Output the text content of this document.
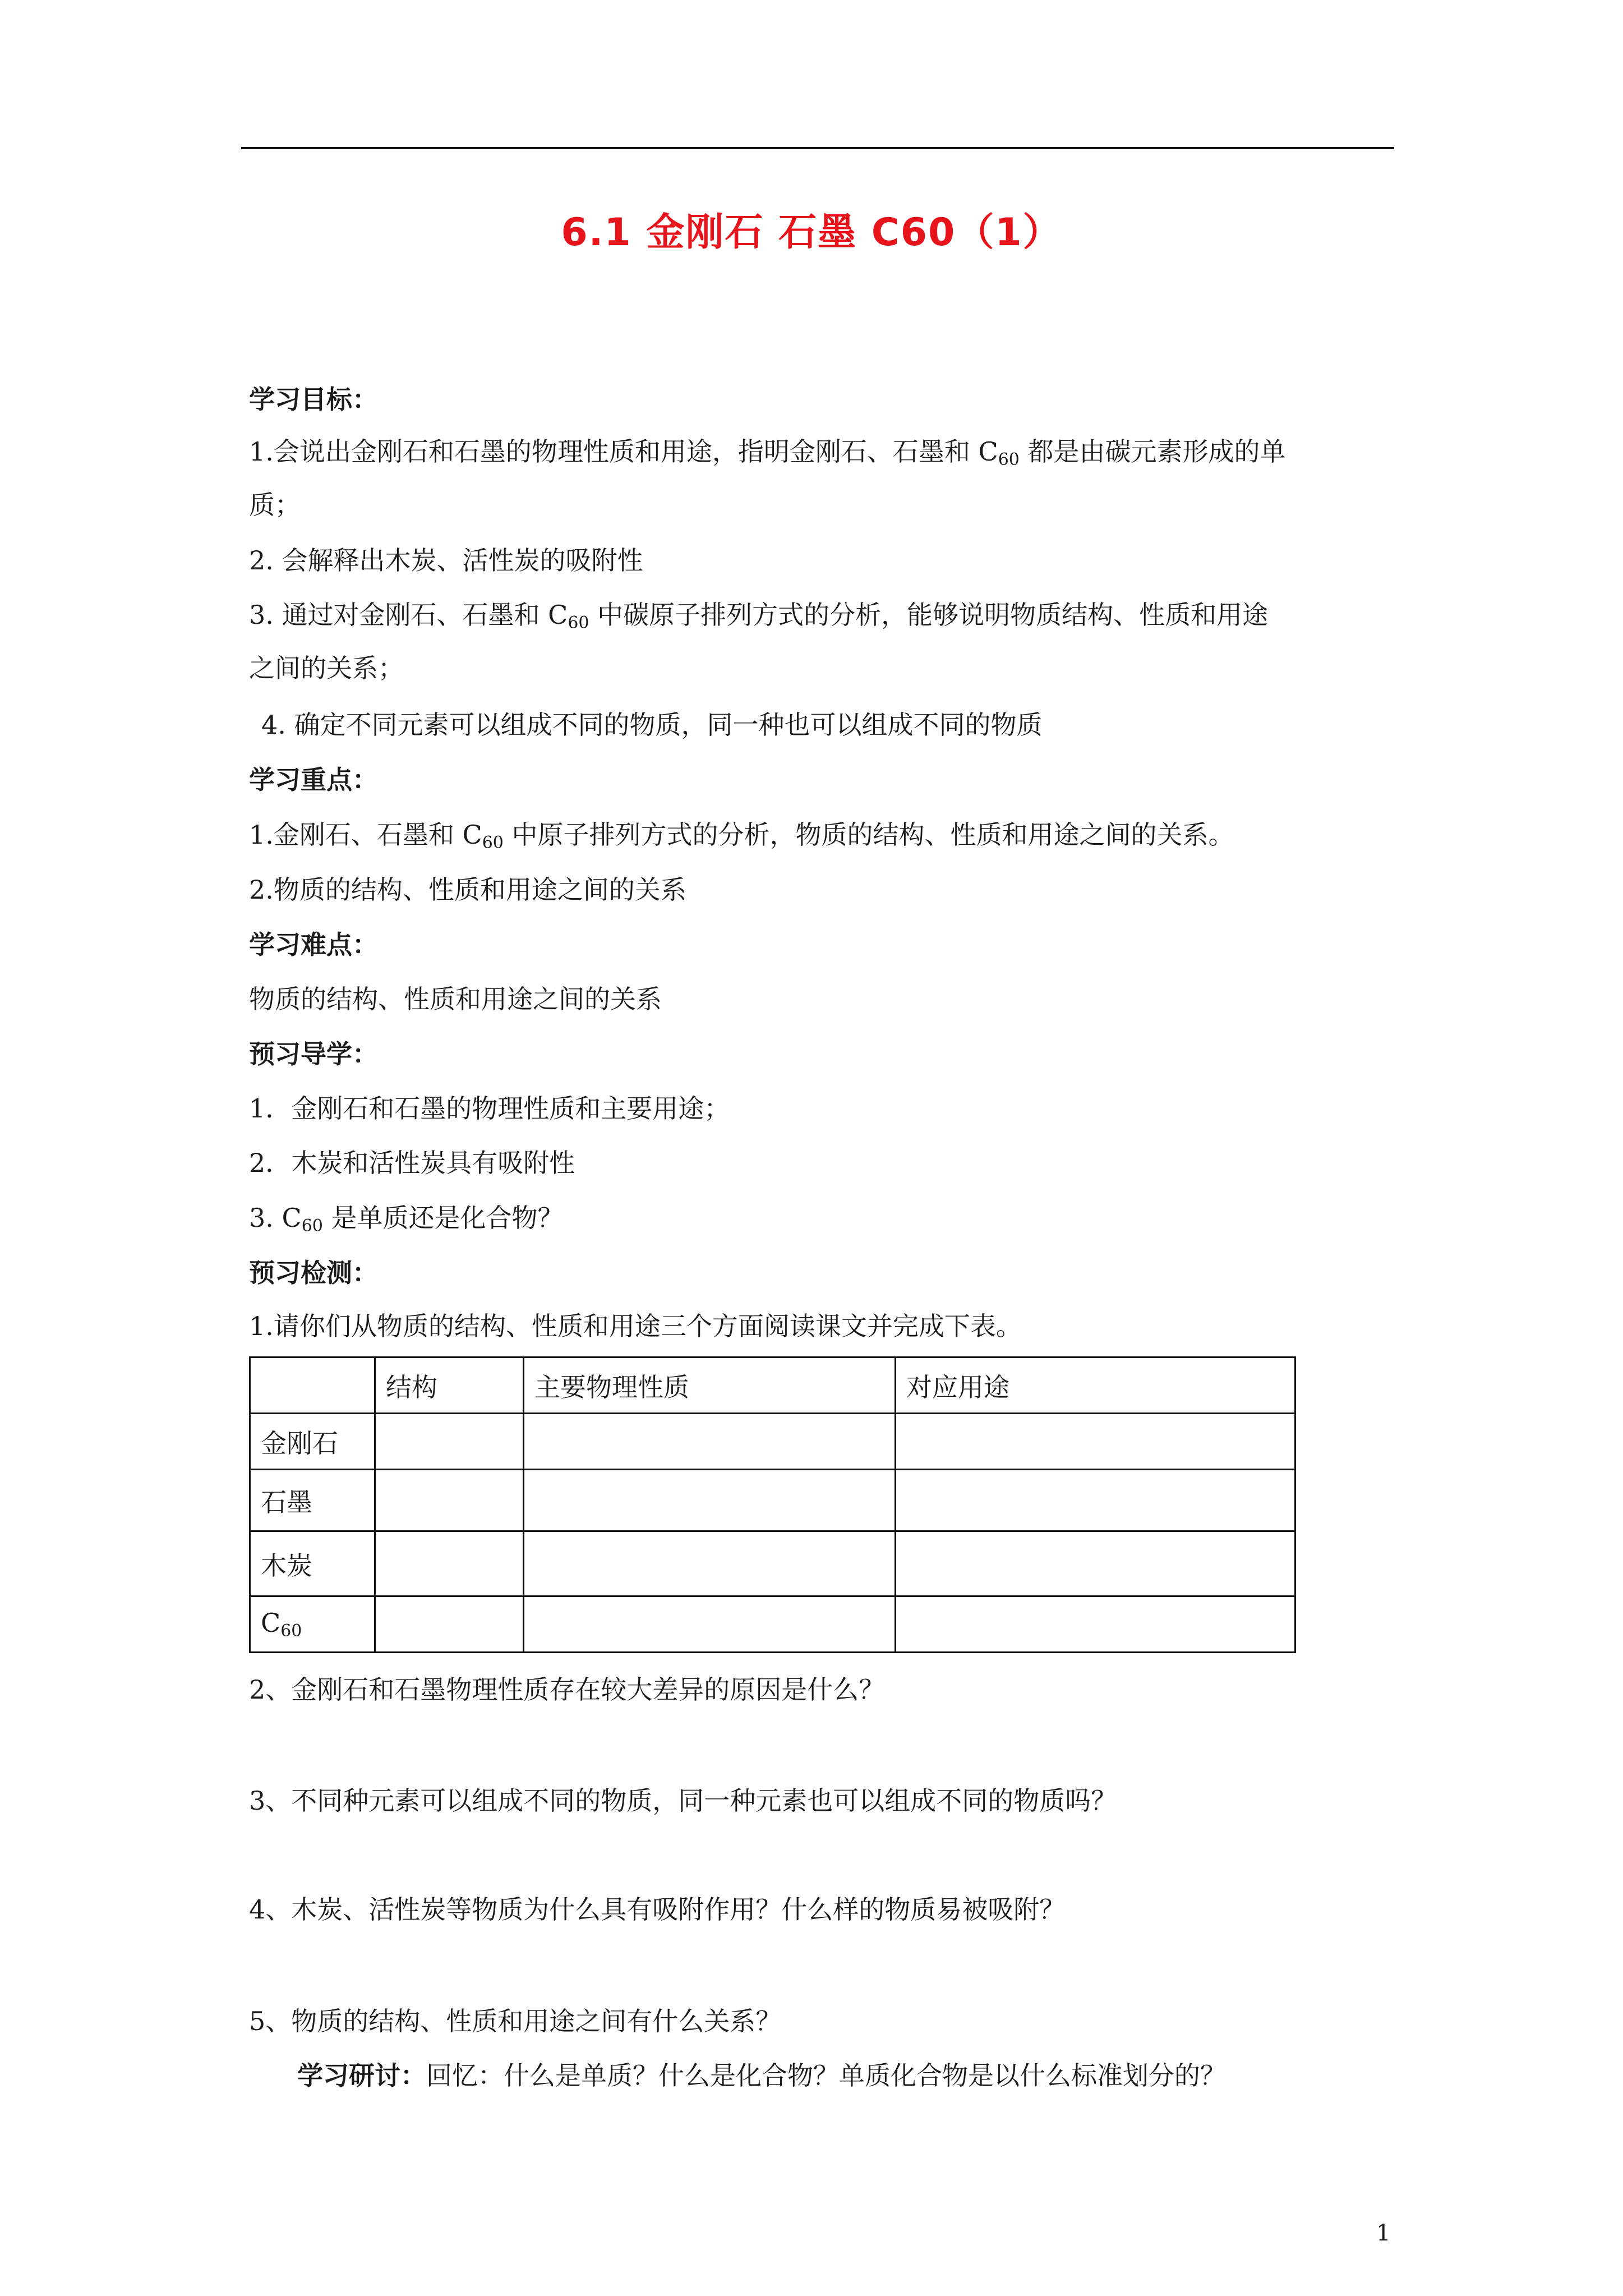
6.1 金刚石 石墨 C60（1）
学习目标：
1.会说出金刚石和石墨的物理性质和用途，指明金刚石、石墨和 $C_{60}$ 都是由碳元素形成的单
质；
2. 会解释出木炭、活性炭的吸附性
3. 通过对金刚石、石墨和 $C_{60}$ 中碳原子排列方式的分析，能够说明物质结构、性质和用途
之间的关系；
4. 确定不同元素可以组成不同的物质，同一种也可以组成不同的物质
学习重点：
1.金刚石、石墨和 $C_{60}$ 中原子排列方式的分析，物质的结构、性质和用途之间的关系。
2.物质的结构、性质和用途之间的关系
学习难点：
物质的结构、性质和用途之间的关系
预习导学：
1．金刚石和石墨的物理性质和主要用途；
2．木炭和活性炭具有吸附性
3. $C_{60}$ 是单质还是化合物？
预习检测：
1.请你们从物质的结构、性质和用途三个方面阅读课文并完成下表。
	结构	主要物理性质	对应用途
金刚石			
石墨			
木炭			
$C_{60}$			
2、金刚石和石墨物理性质存在较大差异的原因是什么？
3、不同种元素可以组成不同的物质，同一种元素也可以组成不同的物质吗？
4、木炭、活性炭等物质为什么具有吸附作用？什么样的物质易被吸附？
5、物质的结构、性质和用途之间有什么关系？
学习研讨：回忆：什么是单质？什么是化合物？单质化合物是以什么标准划分的？
1
